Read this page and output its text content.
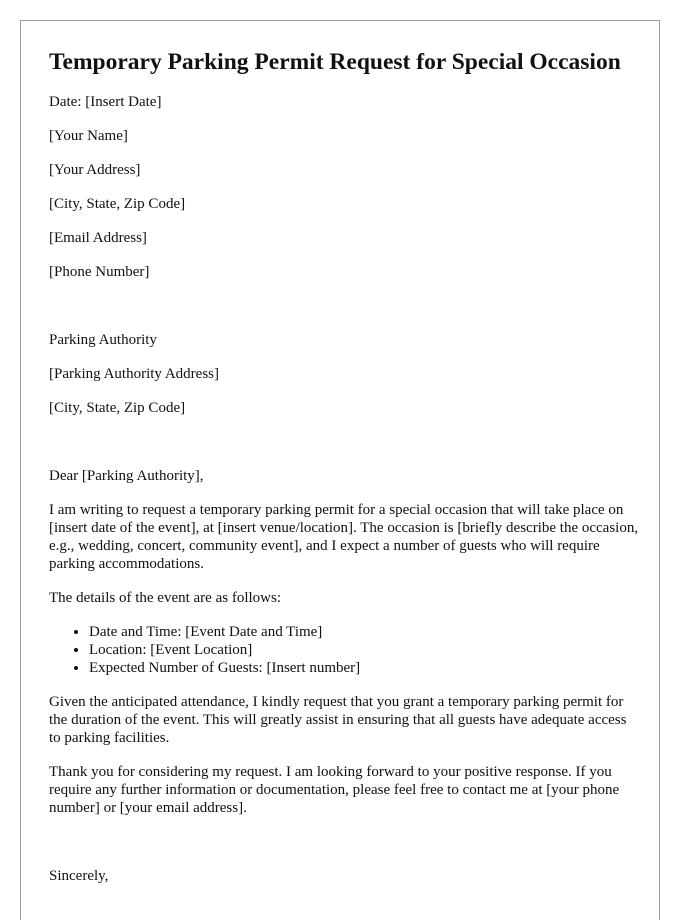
Temporary Parking Permit Request for Special Occasion
Date: [Insert Date]
[Your Name]
[Your Address]
[City, State, Zip Code]
[Email Address]
[Phone Number]
Parking Authority
[Parking Authority Address]
[City, State, Zip Code]
Dear [Parking Authority],

I am writing to request a temporary parking permit for a special occasion that will take place on [insert date of the event], at [insert venue/location]. The occasion is [briefly describe the occasion, e.g., wedding, concert, community event], and I expect a number of guests who will require parking accommodations.

The details of the event are as follows:

• Date and Time: [Event Date and Time]
• Location: [Event Location]
• Expected Number of Guests: [Insert number]

Given the anticipated attendance, I kindly request that you grant a temporary parking permit for the duration of the event. This will greatly assist in ensuring that all guests have adequate access to parking facilities.

Thank you for considering my request. I am looking forward to your positive response. If you require any further information or documentation, please feel free to contact me at [your phone number] or [your email address].

Sincerely,
